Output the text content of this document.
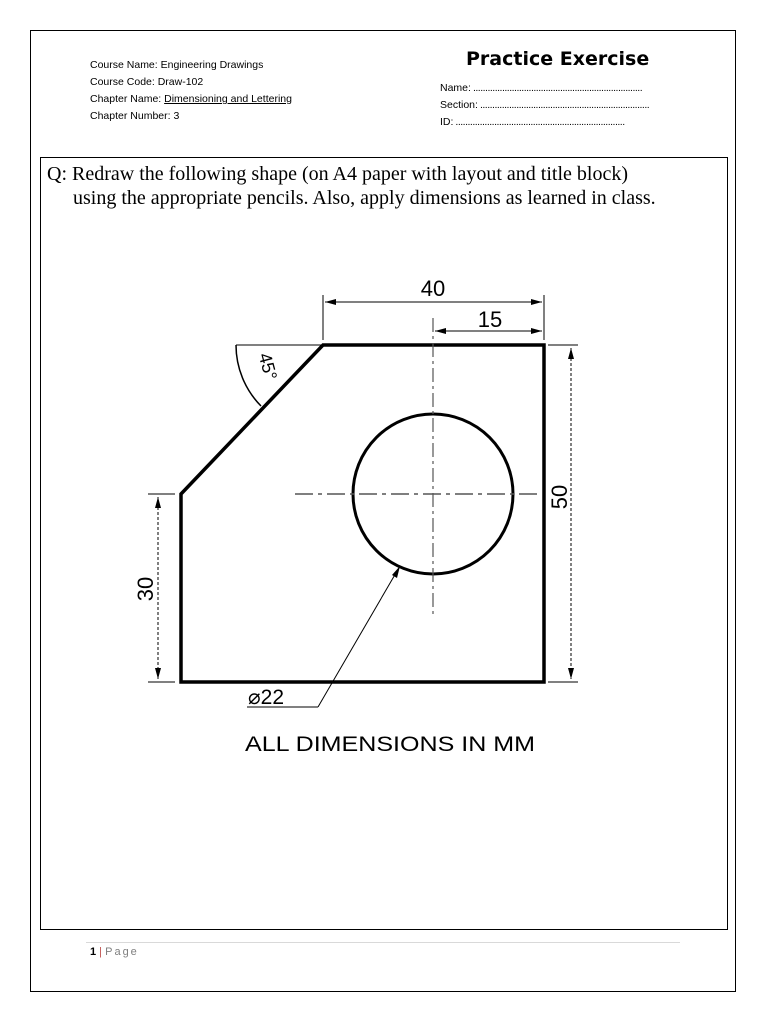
Course Name: Engineering Drawings
Course Code: Draw-102
Chapter Name: Dimensioning and Lettering
Chapter Number: 3
Practice Exercise
Name: ......................................................................
Section: ......................................................................
ID: ......................................................................
Q: Redraw the following shape (on A4 paper with layout and title block)
using the appropriate pencils. Also, apply dimensions as learned in class.
40
15
50
30
45°
⌀22
ALL DIMENSIONS IN MM
1 | Page
